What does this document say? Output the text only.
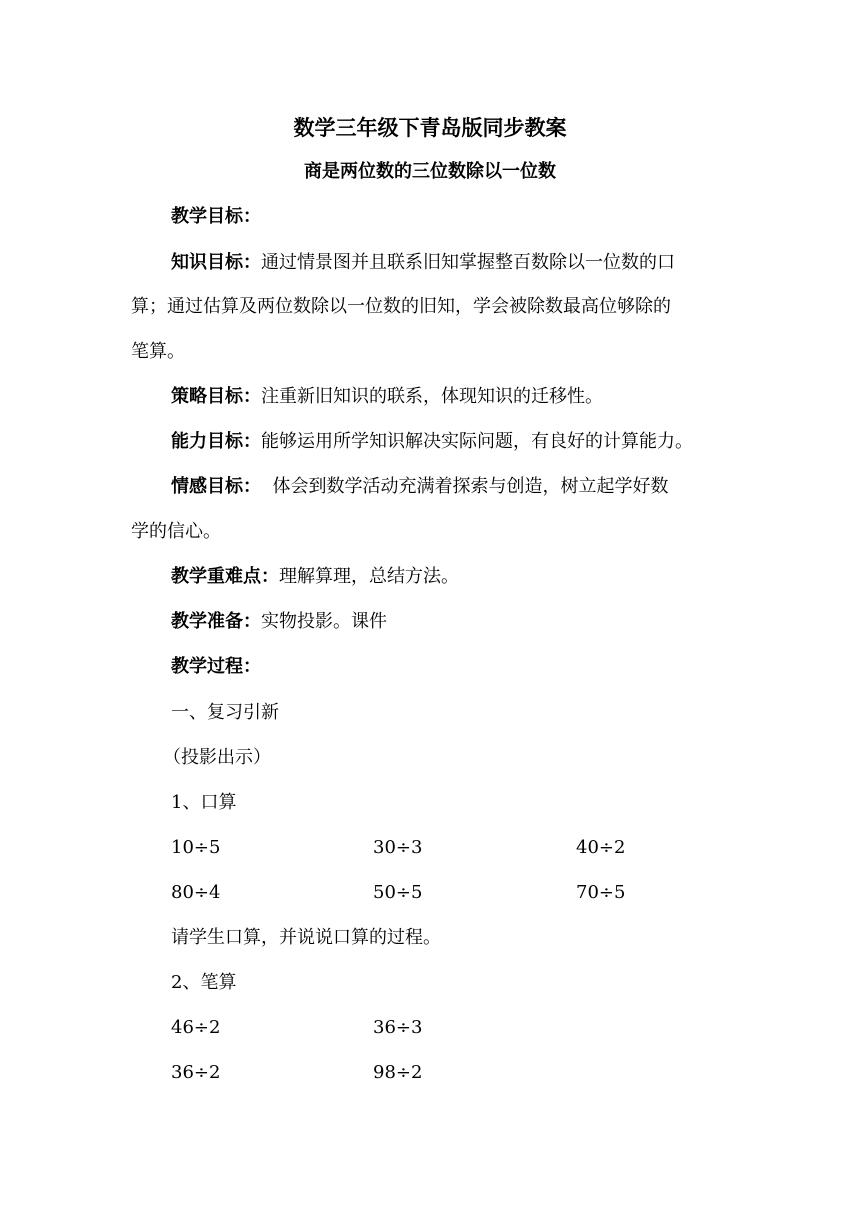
数学三年级下青岛版同步教案
商是两位数的三位数除以一位数
教学目标：
知识目标：通过情景图并且联系旧知掌握整百数除以一位数的口
算；通过估算及两位数除以一位数的旧知，学会被除数最高位够除的
笔算。
策略目标：注重新旧知识的联系，体现知识的迁移性。
能力目标：能够运用所学知识解决实际问题，有良好的计算能力。
情感目标：  体会到数学活动充满着探索与创造，树立起学好数
学的信心。
教学重难点：理解算理，总结方法。
教学准备：实物投影。课件
教学过程：
一、复习引新
（投影出示）
1、口算
10÷5	30÷3	40÷2
80÷4	50÷5	70÷5
请学生口算，并说说口算的过程。
2、笔算
46÷2	36÷3
36÷2	98÷2
